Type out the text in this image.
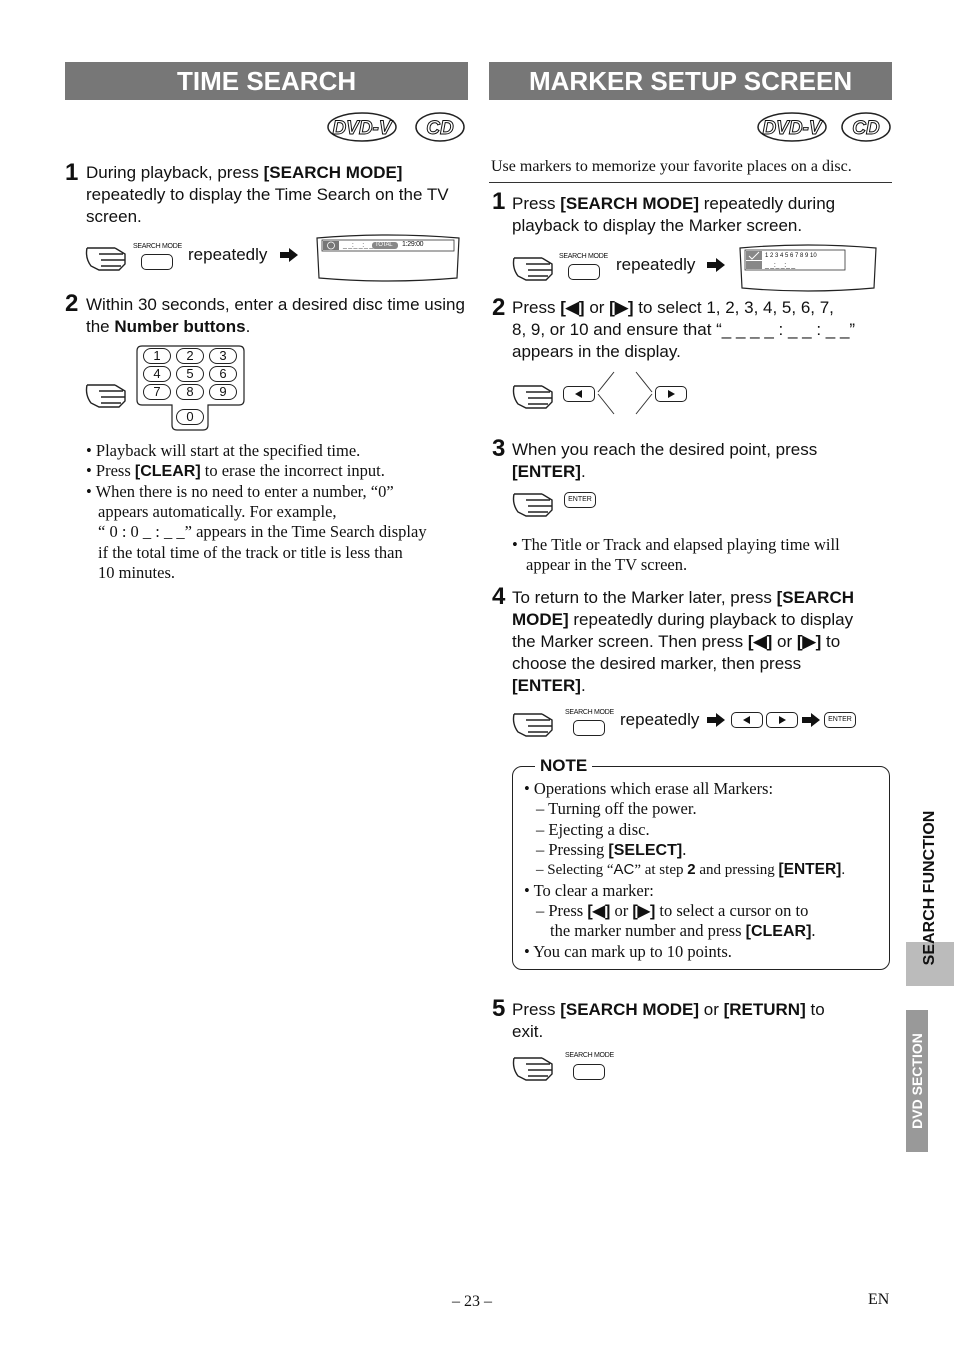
TIME SEARCH
DVD-V CD
1 During playback, press [SEARCH MODE] repeatedly to display the Time Search on the TV screen.
SEARCH MODE repeatedly	_ _:_ _:_ _ TOTAL 1:29:00
2 Within 30 seconds, enter a desired disc time using the Number buttons.
1	2	3
4	5	6
7	8	9
0
• Playback will start at the specified time.
• Press [CLEAR] to erase the incorrect input.
• When there is no need to enter a number, “0”
appears automatically. For example,
“ 0 : 0 _ : _ _” appears in the Time Search display
if the total time of the track or title is less than
10 minutes.
MARKER SETUP SCREEN
DVD-V CD
Use markers to memorize your favorite places on a disc.
1 Press [SEARCH MODE] repeatedly during playback to display the Marker screen.
SEARCH MODE repeatedly	1 2 3 4 5 6 7 8 9 10
_ _:_ _:_ _
2 Press [◀] or [▶] to select 1, 2, 3, 4, 5, 6, 7,
8, 9, or 10 and ensure that “_ _ _ _ : _ _ : _ _”
appears in the display.
3 When you reach the desired point, press [ENTER].
ENTER
• The Title or Track and elapsed playing time will
appear in the TV screen.
4 To return to the Marker later, press [SEARCH
MODE] repeatedly during playback to display
the Marker screen. Then press [◀] or [▶] to
choose the desired marker, then press
[ENTER].
SEARCH MODE repeatedly	ENTER
NOTE
• Operations which erase all Markers:
– Turning off the power.
– Ejecting a disc.
– Pressing [SELECT].
– Selecting “AC” at step 2 and pressing [ENTER].
• To clear a marker:
– Press [◀] or [▶] to select a cursor on to
the marker number and press [CLEAR].
• You can mark up to 10 points.
5 Press [SEARCH MODE] or [RETURN] to
exit.
SEARCH MODE
SEARCH FUNCTION
DVD SECTION
– 23 –	EN
